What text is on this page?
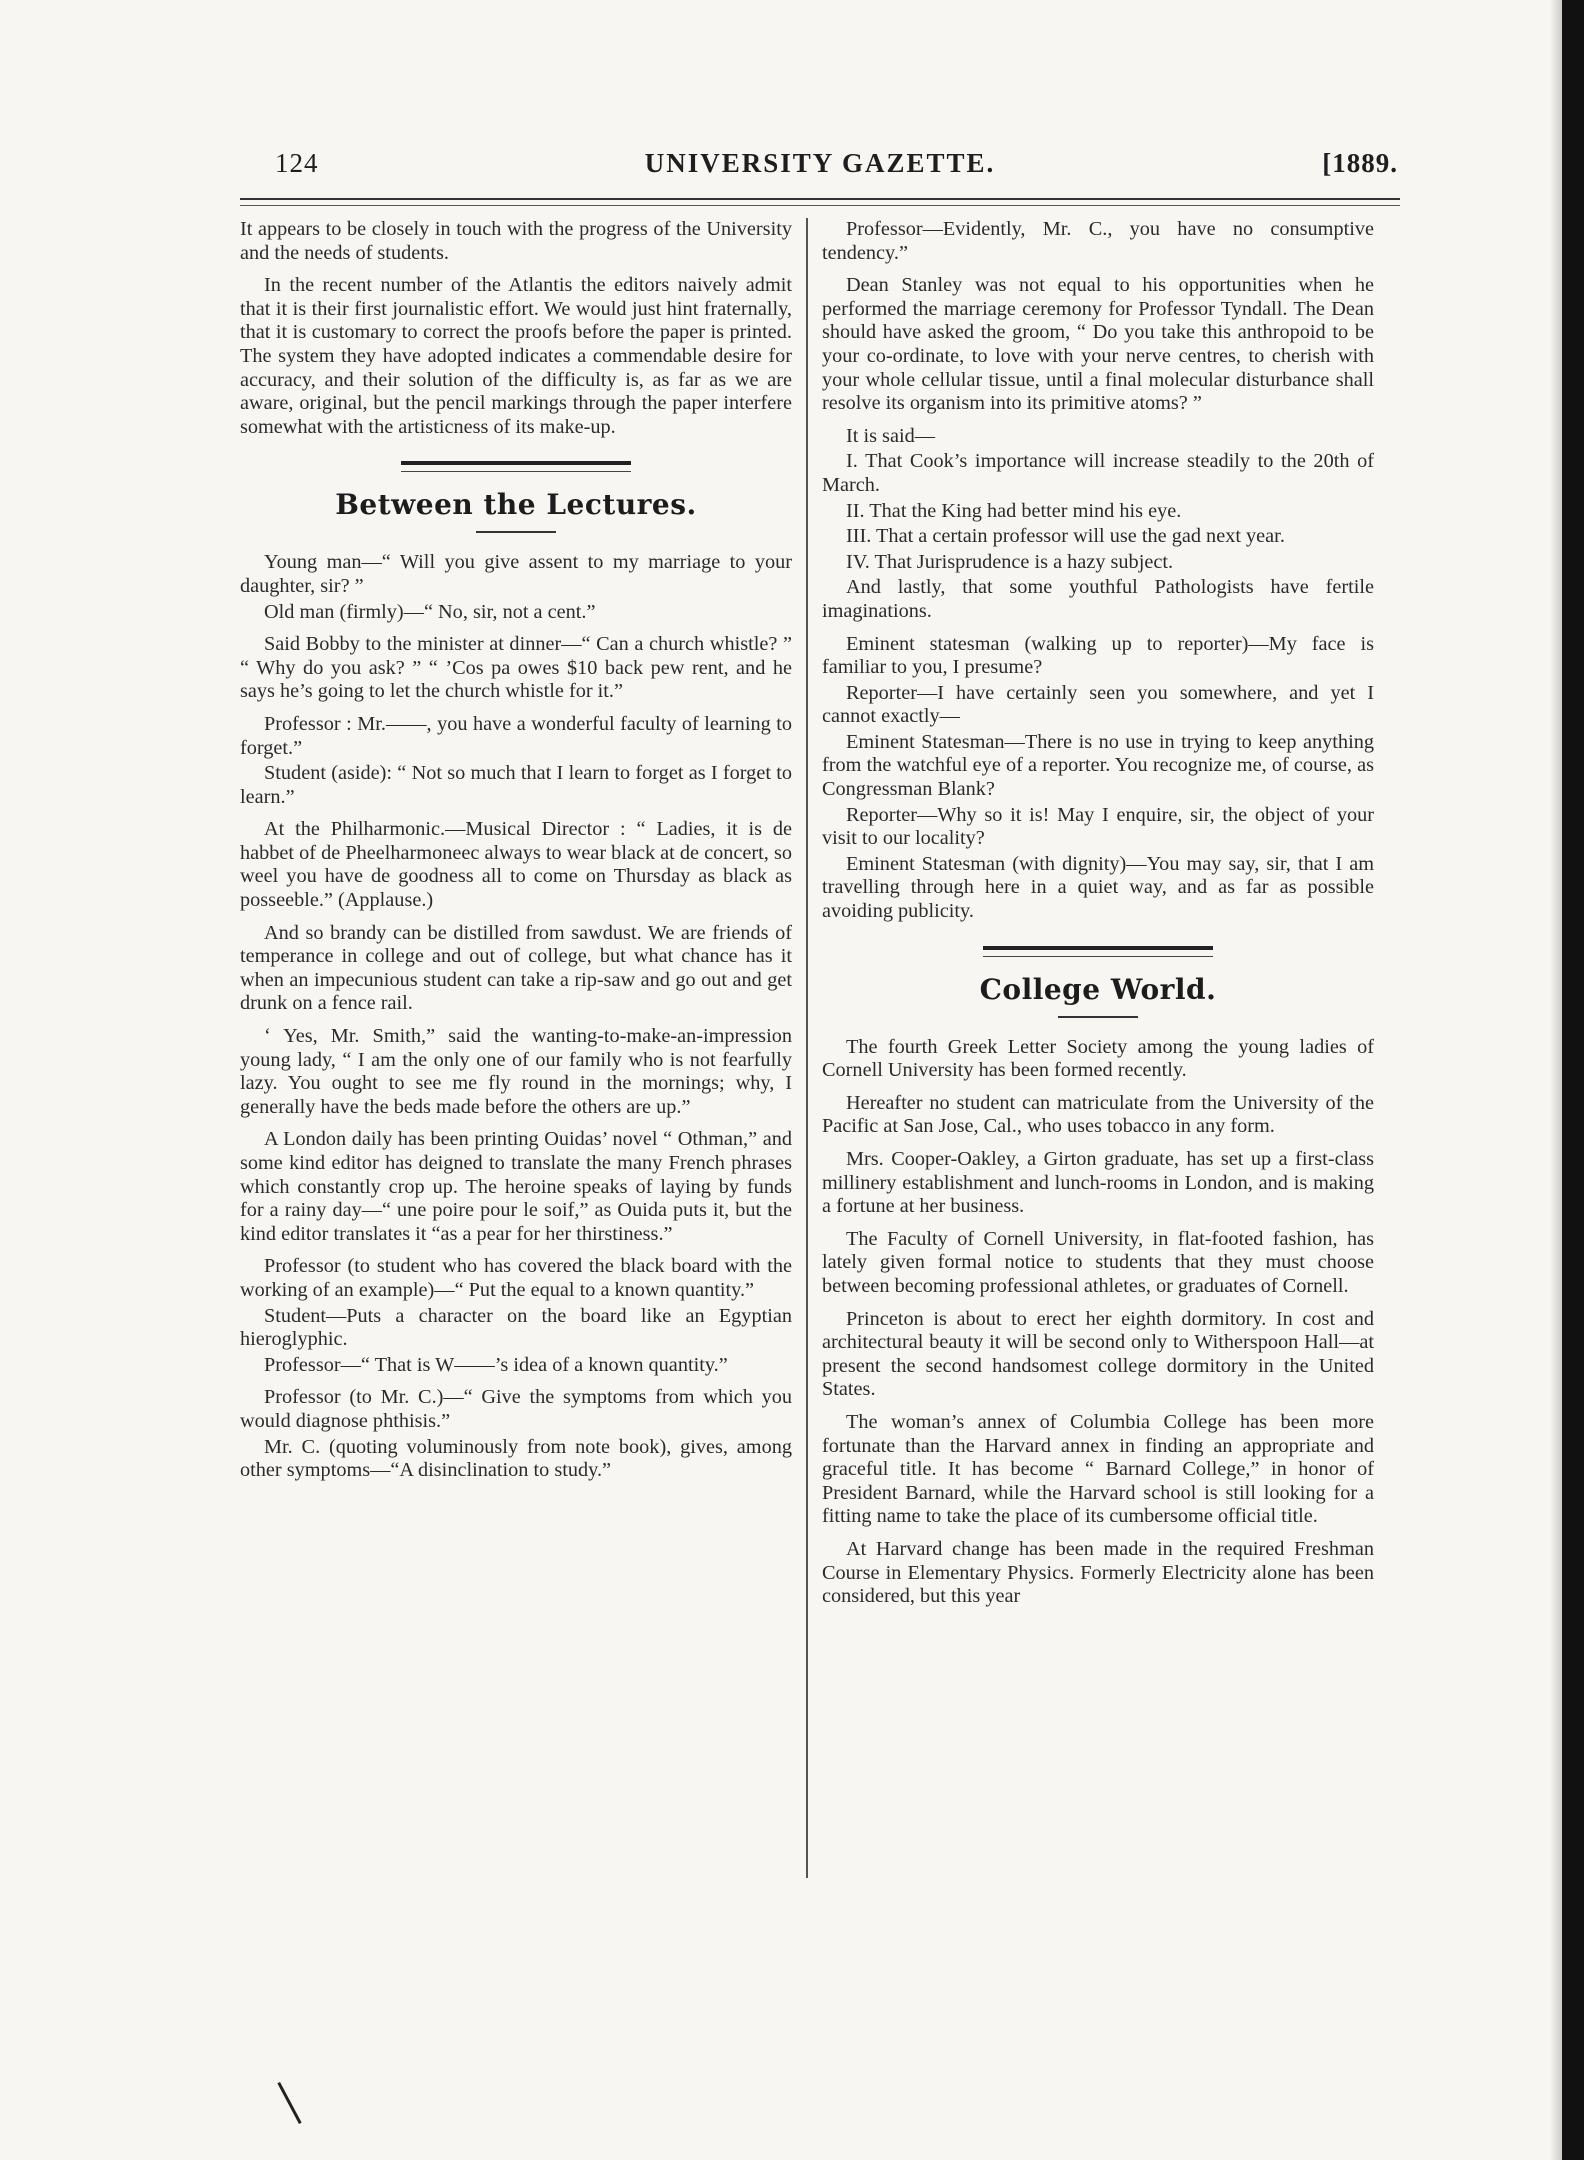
124	UNIVERSITY GAZETTE.	[1889.

It appears to be closely in touch with the progress of the University and the needs of students.

In the recent number of the Atlantis the editors naively admit that it is their first journalistic effort. We would just hint fraternally, that it is customary to correct the proofs before the paper is printed. The system they have adopted indicates a commendable desire for accuracy, and their solution of the difficulty is, as far as we are aware, original, but the pencil markings through the paper interfere somewhat with the artisticness of its make-up.

Between the Lectures.

Young man—“ Will you give assent to my marriage to your daughter, sir? ”

Old man (firmly)—“ No, sir, not a cent.”

Said Bobby to the minister at dinner—“ Can a church whistle? ” “ Why do you ask? ” “ ’Cos pa owes $10 back pew rent, and he says he’s going to let the church whistle for it.”

Professor : Mr.——, you have a wonderful faculty of learning to forget.”

Student (aside): “ Not so much that I learn to forget as I forget to learn.”

At the Philharmonic.—Musical Director : “ Ladies, it is de habbet of de Pheelharmoneec always to wear black at de concert, so weel you have de goodness all to come on Thursday as black as posseeble.” (Applause.)

And so brandy can be distilled from sawdust. We are friends of temperance in college and out of college, but what chance has it when an impecunious student can take a rip-saw and go out and get drunk on a fence rail.

‘ Yes, Mr. Smith,” said the wanting-to-make-an-impression young lady, “ I am the only one of our family who is not fearfully lazy. You ought to see me fly round in the mornings; why, I generally have the beds made before the others are up.”

A London daily has been printing Ouidas’ novel “ Othman,” and some kind editor has deigned to translate the many French phrases which constantly crop up. The heroine speaks of laying by funds for a rainy day—“ une poire pour le soif,” as Ouida puts it, but the kind editor translates it “as a pear for her thirstiness.”

Professor (to student who has covered the black board with the working of an example)—“ Put the equal to a known quantity.”

Student—Puts a character on the board like an Egyptian hieroglyphic.

Professor—“ That is W——’s idea of a known quantity.”

Professor (to Mr. C.)—“ Give the symptoms from which you would diagnose phthisis.”

Mr. C. (quoting voluminously from note book), gives, among other symptoms—“A disinclination to study.”

Professor—Evidently, Mr. C., you have no consumptive tendency.”

Dean Stanley was not equal to his opportunities when he performed the marriage ceremony for Professor Tyndall. The Dean should have asked the groom, “ Do you take this anthropoid to be your co-ordinate, to love with your nerve centres, to cherish with your whole cellular tissue, until a final molecular disturbance shall resolve its organism into its primitive atoms? ”

It is said—

I. That Cook’s importance will increase steadily to the 20th of March.

II. That the King had better mind his eye.

III. That a certain professor will use the gad next year.

IV. That Jurisprudence is a hazy subject.

And lastly, that some youthful Pathologists have fertile imaginations.

Eminent statesman (walking up to reporter)—My face is familiar to you, I presume?

Reporter—I have certainly seen you somewhere, and yet I cannot exactly—

Eminent Statesman—There is no use in trying to keep anything from the watchful eye of a reporter. You recognize me, of course, as Congressman Blank?

Reporter—Why so it is! May I enquire, sir, the object of your visit to our locality?

Eminent Statesman (with dignity)—You may say, sir, that I am travelling through here in a quiet way, and as far as possible avoiding publicity.

College World.

The fourth Greek Letter Society among the young ladies of Cornell University has been formed recently.

Hereafter no student can matriculate from the University of the Pacific at San Jose, Cal., who uses tobacco in any form.

Mrs. Cooper-Oakley, a Girton graduate, has set up a first-class millinery establishment and lunch-rooms in London, and is making a fortune at her business.

The Faculty of Cornell University, in flat-footed fashion, has lately given formal notice to students that they must choose between becoming professional athletes, or graduates of Cornell.

Princeton is about to erect her eighth dormitory. In cost and architectural beauty it will be second only to Witherspoon Hall—at present the second handsomest college dormitory in the United States.

The woman’s annex of Columbia College has been more fortunate than the Harvard annex in finding an appropriate and graceful title. It has become “ Barnard College,” in honor of President Barnard, while the Harvard school is still looking for a fitting name to take the place of its cumbersome official title.

At Harvard change has been made in the required Freshman Course in Elementary Physics. Formerly Electricity alone has been considered, but this year
